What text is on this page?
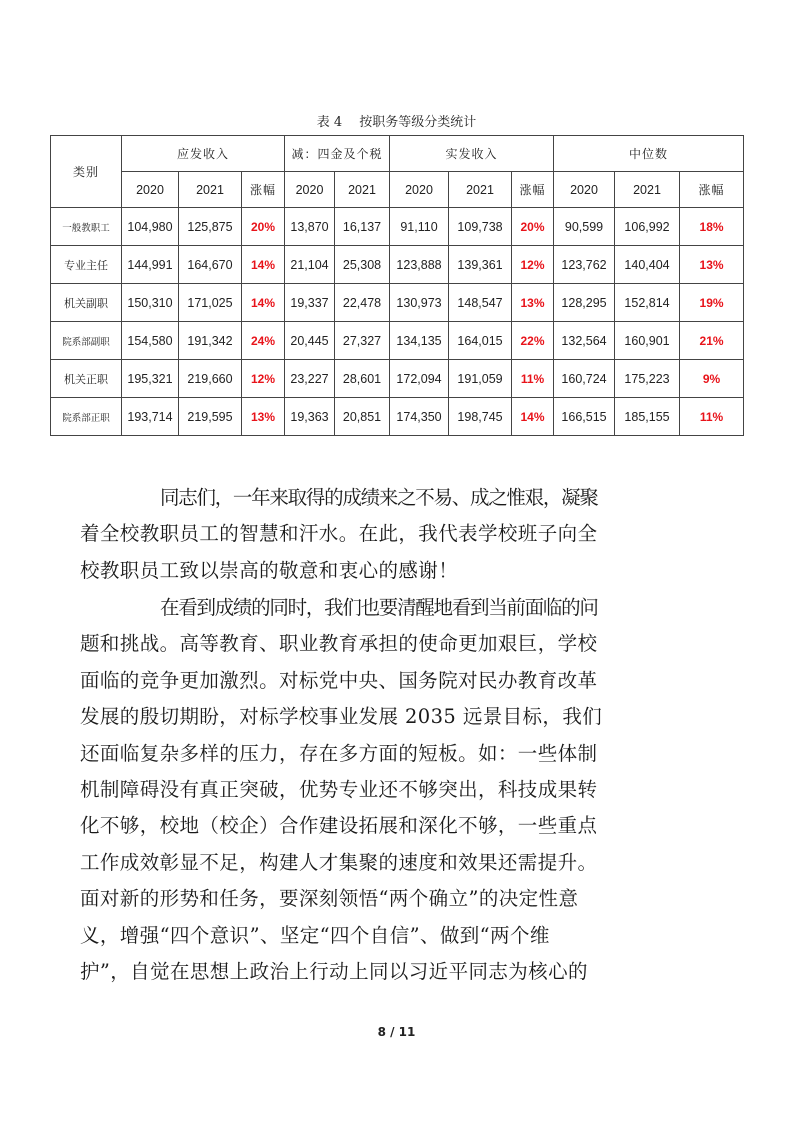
表 4　 按职务等级分类统计
类别	应发收入			减：四金及个税		实发收入			中位数		
	2020	2021	涨幅	2020	2021	2020	2021	涨幅	2020	2021	涨幅
一般教职工	104,980	125,875	20%	13,870	16,137	91,110	109,738	20%	90,599	106,992	18%
专业主任	144,991	164,670	14%	21,104	25,308	123,888	139,361	12%	123,762	140,404	13%
机关副职	150,310	171,025	14%	19,337	22,478	130,973	148,547	13%	128,295	152,814	19%
院系部副职	154,580	191,342	24%	20,445	27,327	134,135	164,015	22%	132,564	160,901	21%
机关正职	195,321	219,660	12%	23,227	28,601	172,094	191,059	11%	160,724	175,223	9%
院系部正职	193,714	219,595	13%	19,363	20,851	174,350	198,745	14%	166,515	185,155	11%
同志们，一年来取得的成绩来之不易、成之惟艰，凝聚
着全校教职员工的智慧和汗水。在此，我代表学校班子向全
校教职员工致以崇高的敬意和衷心的感谢！
在看到成绩的同时，我们也要清醒地看到当前面临的问
题和挑战。高等教育、职业教育承担的使命更加艰巨，学校
面临的竞争更加激烈。对标党中央、国务院对民办教育改革
发展的殷切期盼，对标学校事业发展 2035 远景目标，我们
还面临复杂多样的压力，存在多方面的短板。如：一些体制
机制障碍没有真正突破，优势专业还不够突出，科技成果转
化不够，校地（校企）合作建设拓展和深化不够，一些重点
工作成效彰显不足，构建人才集聚的速度和效果还需提升。
面对新的形势和任务，要深刻领悟“两个确立”的决定性意
义，增强“四个意识”、坚定“四个自信”、做到“两个维
护”，自觉在思想上政治上行动上同以习近平同志为核心的
8 / 11
